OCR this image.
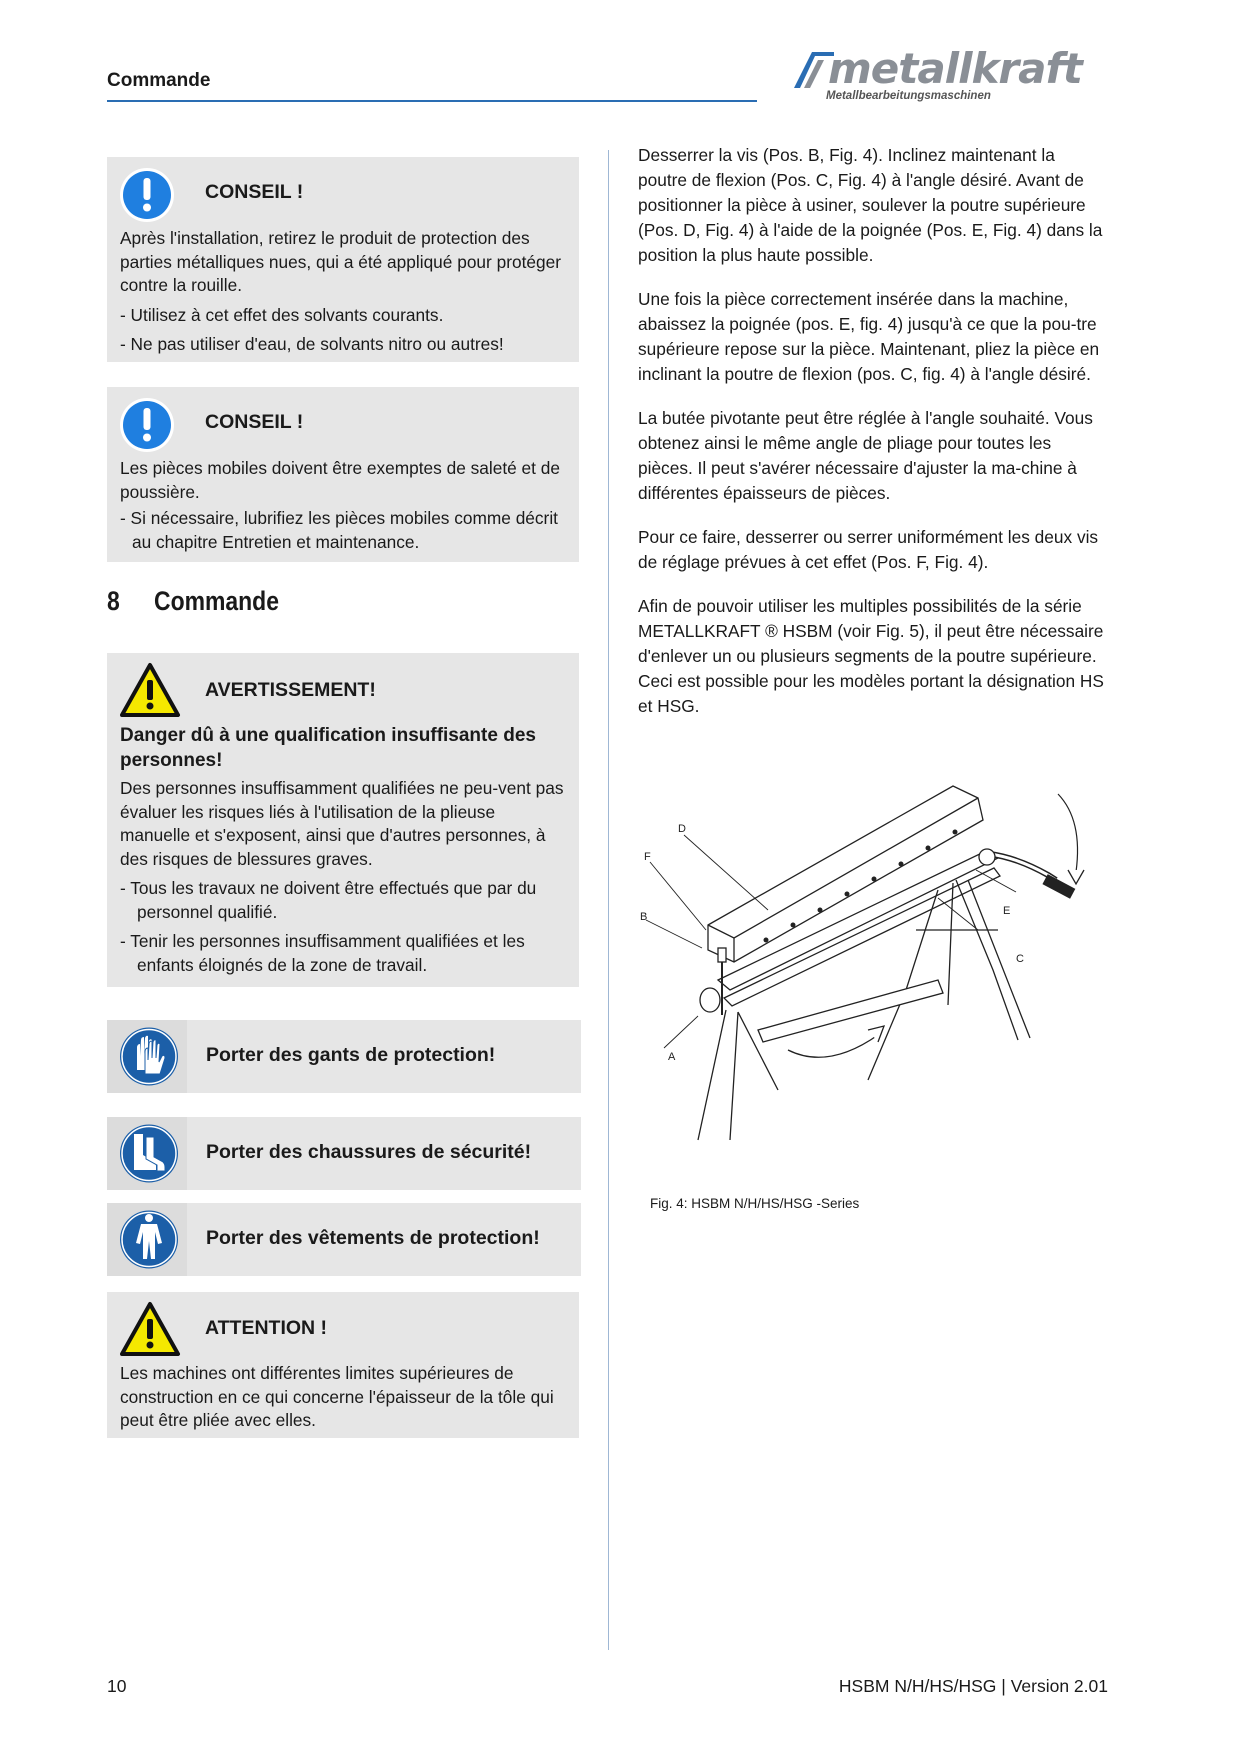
Commande	metallkraft
Metallbearbeitungsmaschinen
CONSEIL !

Après l'installation, retirez le produit de protection des parties métalliques nues, qui a été appliqué pour protéger contre la rouille.

- Utilisez à cet effet des solvants courants.

- Ne pas utiliser d'eau, de solvants nitro ou autres!

CONSEIL !

Les pièces mobiles doivent être exemptes de saleté et de poussière.

- Si nécessaire, lubrifiez les pièces mobiles comme décrit au chapitre Entretien et maintenance.

8 Commande
AVERTISSEMENT!

Danger dû à une qualification insuffisante des personnes!

Des personnes insuffisamment qualifiées ne peu-vent pas évaluer les risques liés à l'utilisation de la plieuse manuelle et s'exposent, ainsi que d'autres personnes, à des risques de blessures graves.

- Tous les travaux ne doivent être effectués que par du personnel qualifié.

- Tenir les personnes insuffisamment qualifiées et les enfants éloignés de la zone de travail.

Porter des gants de protection!
Porter des chaussures de sécurité!
Porter des vêtements de protection!
ATTENTION !

Les machines ont différentes limites supérieures de construction en ce qui concerne l'épaisseur de la tôle qui peut être pliée avec elles.

Desserrer la vis (Pos. B, Fig. 4). Inclinez maintenant la poutre de flexion (Pos. C, Fig. 4) à l'angle désiré. Avant de positionner la pièce à usiner, soulever la poutre supérieure (Pos. D, Fig. 4) à l'aide de la poignée (Pos. E, Fig. 4) dans la position la plus haute possible.

Une fois la pièce correctement insérée dans la machine, abaissez la poignée (pos. E, fig. 4) jusqu'à ce que la pou-tre supérieure repose sur la pièce. Maintenant, pliez la pièce en inclinant la poutre de flexion (pos. C, fig. 4) à l'angle désiré.

La butée pivotante peut être réglée à l'angle souhaité. Vous obtenez ainsi le même angle de pliage pour toutes les pièces. Il peut s'avérer nécessaire d'ajuster la ma-chine à différentes épaisseurs de pièces.

Pour ce faire, desserrer ou serrer uniformément les deux vis de réglage prévues à cet effet (Pos. F, Fig. 4).

Afin de pouvoir utiliser les multiples possibilités de la série METALLKRAFT ® HSBM (voir Fig. 5), il peut être nécessaire d'enlever un ou plusieurs segments de la poutre supérieure. Ceci est possible pour les modèles portant la désignation HS et HSG.

D
F
B
A
E
C
Fig. 4: HSBM N/H/HS/HSG -Series
10	HSBM N/H/HS/HSG | Version 2.01
